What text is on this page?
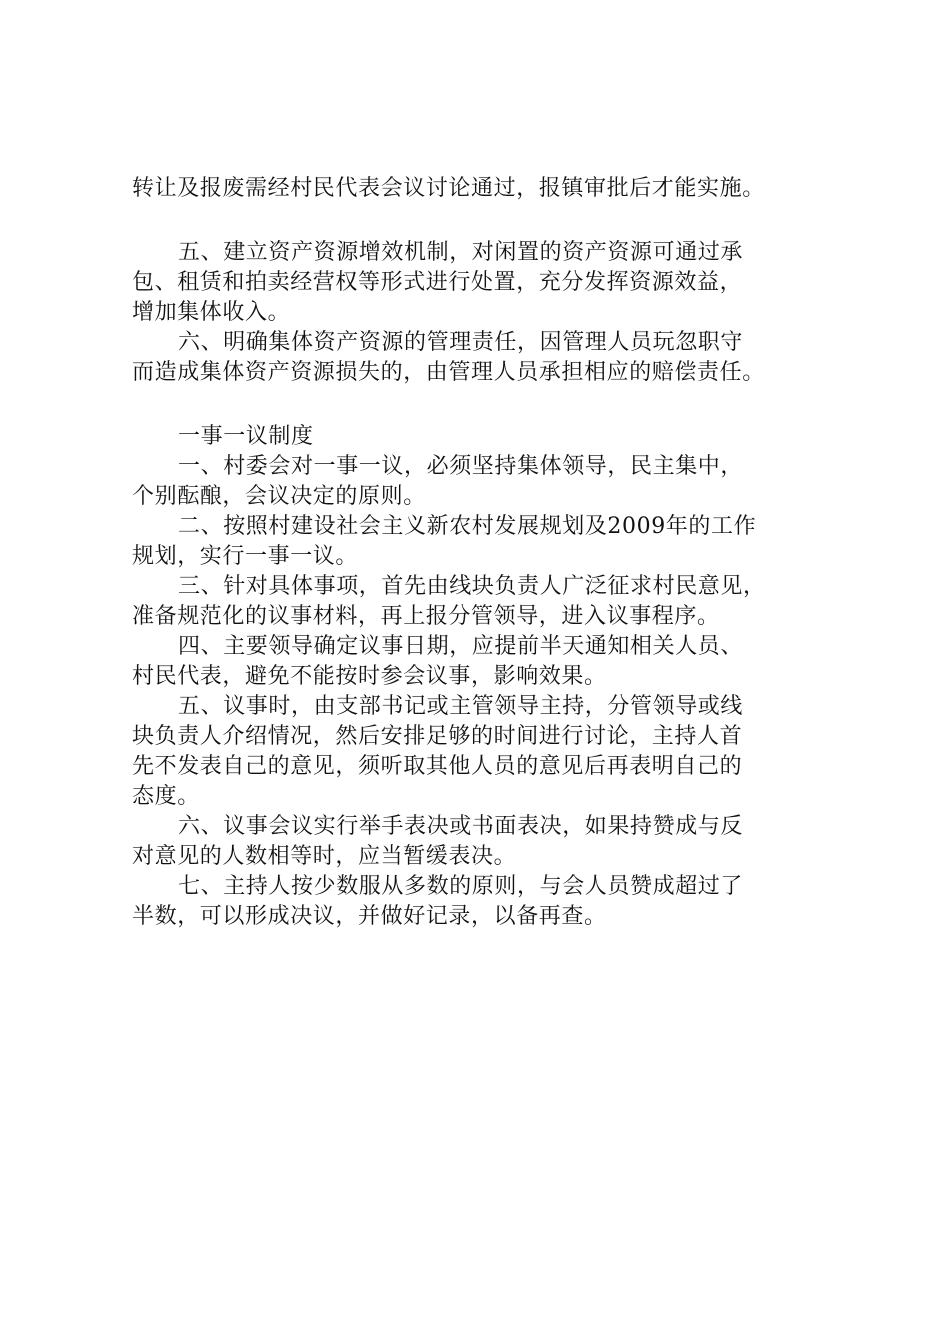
转让及报废需经村民代表会议讨论通过，报镇审批后才能实施。
五、建立资产资源增效机制，对闲置的资产资源可通过承
包、租赁和拍卖经营权等形式进行处置，充分发挥资源效益，
增加集体收入。
六、明确集体资产资源的管理责任，因管理人员玩忽职守
而造成集体资产资源损失的，由管理人员承担相应的赔偿责任。
一事一议制度
一、村委会对一事一议，必须坚持集体领导，民主集中，
个别酝酿，会议决定的原则。
二、按照村建设社会主义新农村发展规划及2009年的工作
规划，实行一事一议。
三、针对具体事项，首先由线块负责人广泛征求村民意见，
准备规范化的议事材料，再上报分管领导，进入议事程序。
四、主要领导确定议事日期，应提前半天通知相关人员、
村民代表，避免不能按时参会议事，影响效果。
五、议事时，由支部书记或主管领导主持，分管领导或线
块负责人介绍情况，然后安排足够的时间进行讨论，主持人首
先不发表自己的意见，须听取其他人员的意见后再表明自己的
态度。
六、议事会议实行举手表决或书面表决，如果持赞成与反
对意见的人数相等时，应当暂缓表决。
七、主持人按少数服从多数的原则，与会人员赞成超过了
半数，可以形成决议，并做好记录，以备再查。
